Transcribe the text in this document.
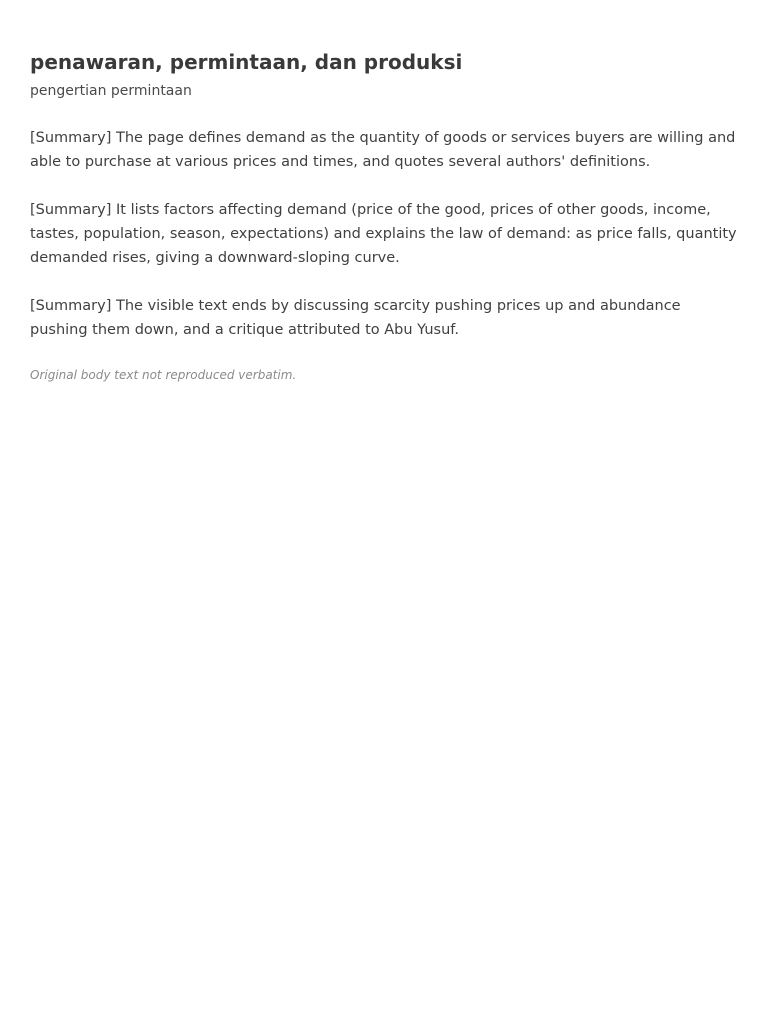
penawaran, permintaan, dan produksi

pengertian permintaan

[Summary] The page defines demand as the quantity of goods or services buyers are willing and able to purchase at various prices and times, and quotes several authors' definitions.

[Summary] It lists factors affecting demand (price of the good, prices of other goods, income, tastes, population, season, expectations) and explains the law of demand: as price falls, quantity demanded rises, giving a downward-sloping curve.

[Summary] The visible text ends by discussing scarcity pushing prices up and abundance pushing them down, and a critique attributed to Abu Yusuf.

Original body text not reproduced verbatim.
